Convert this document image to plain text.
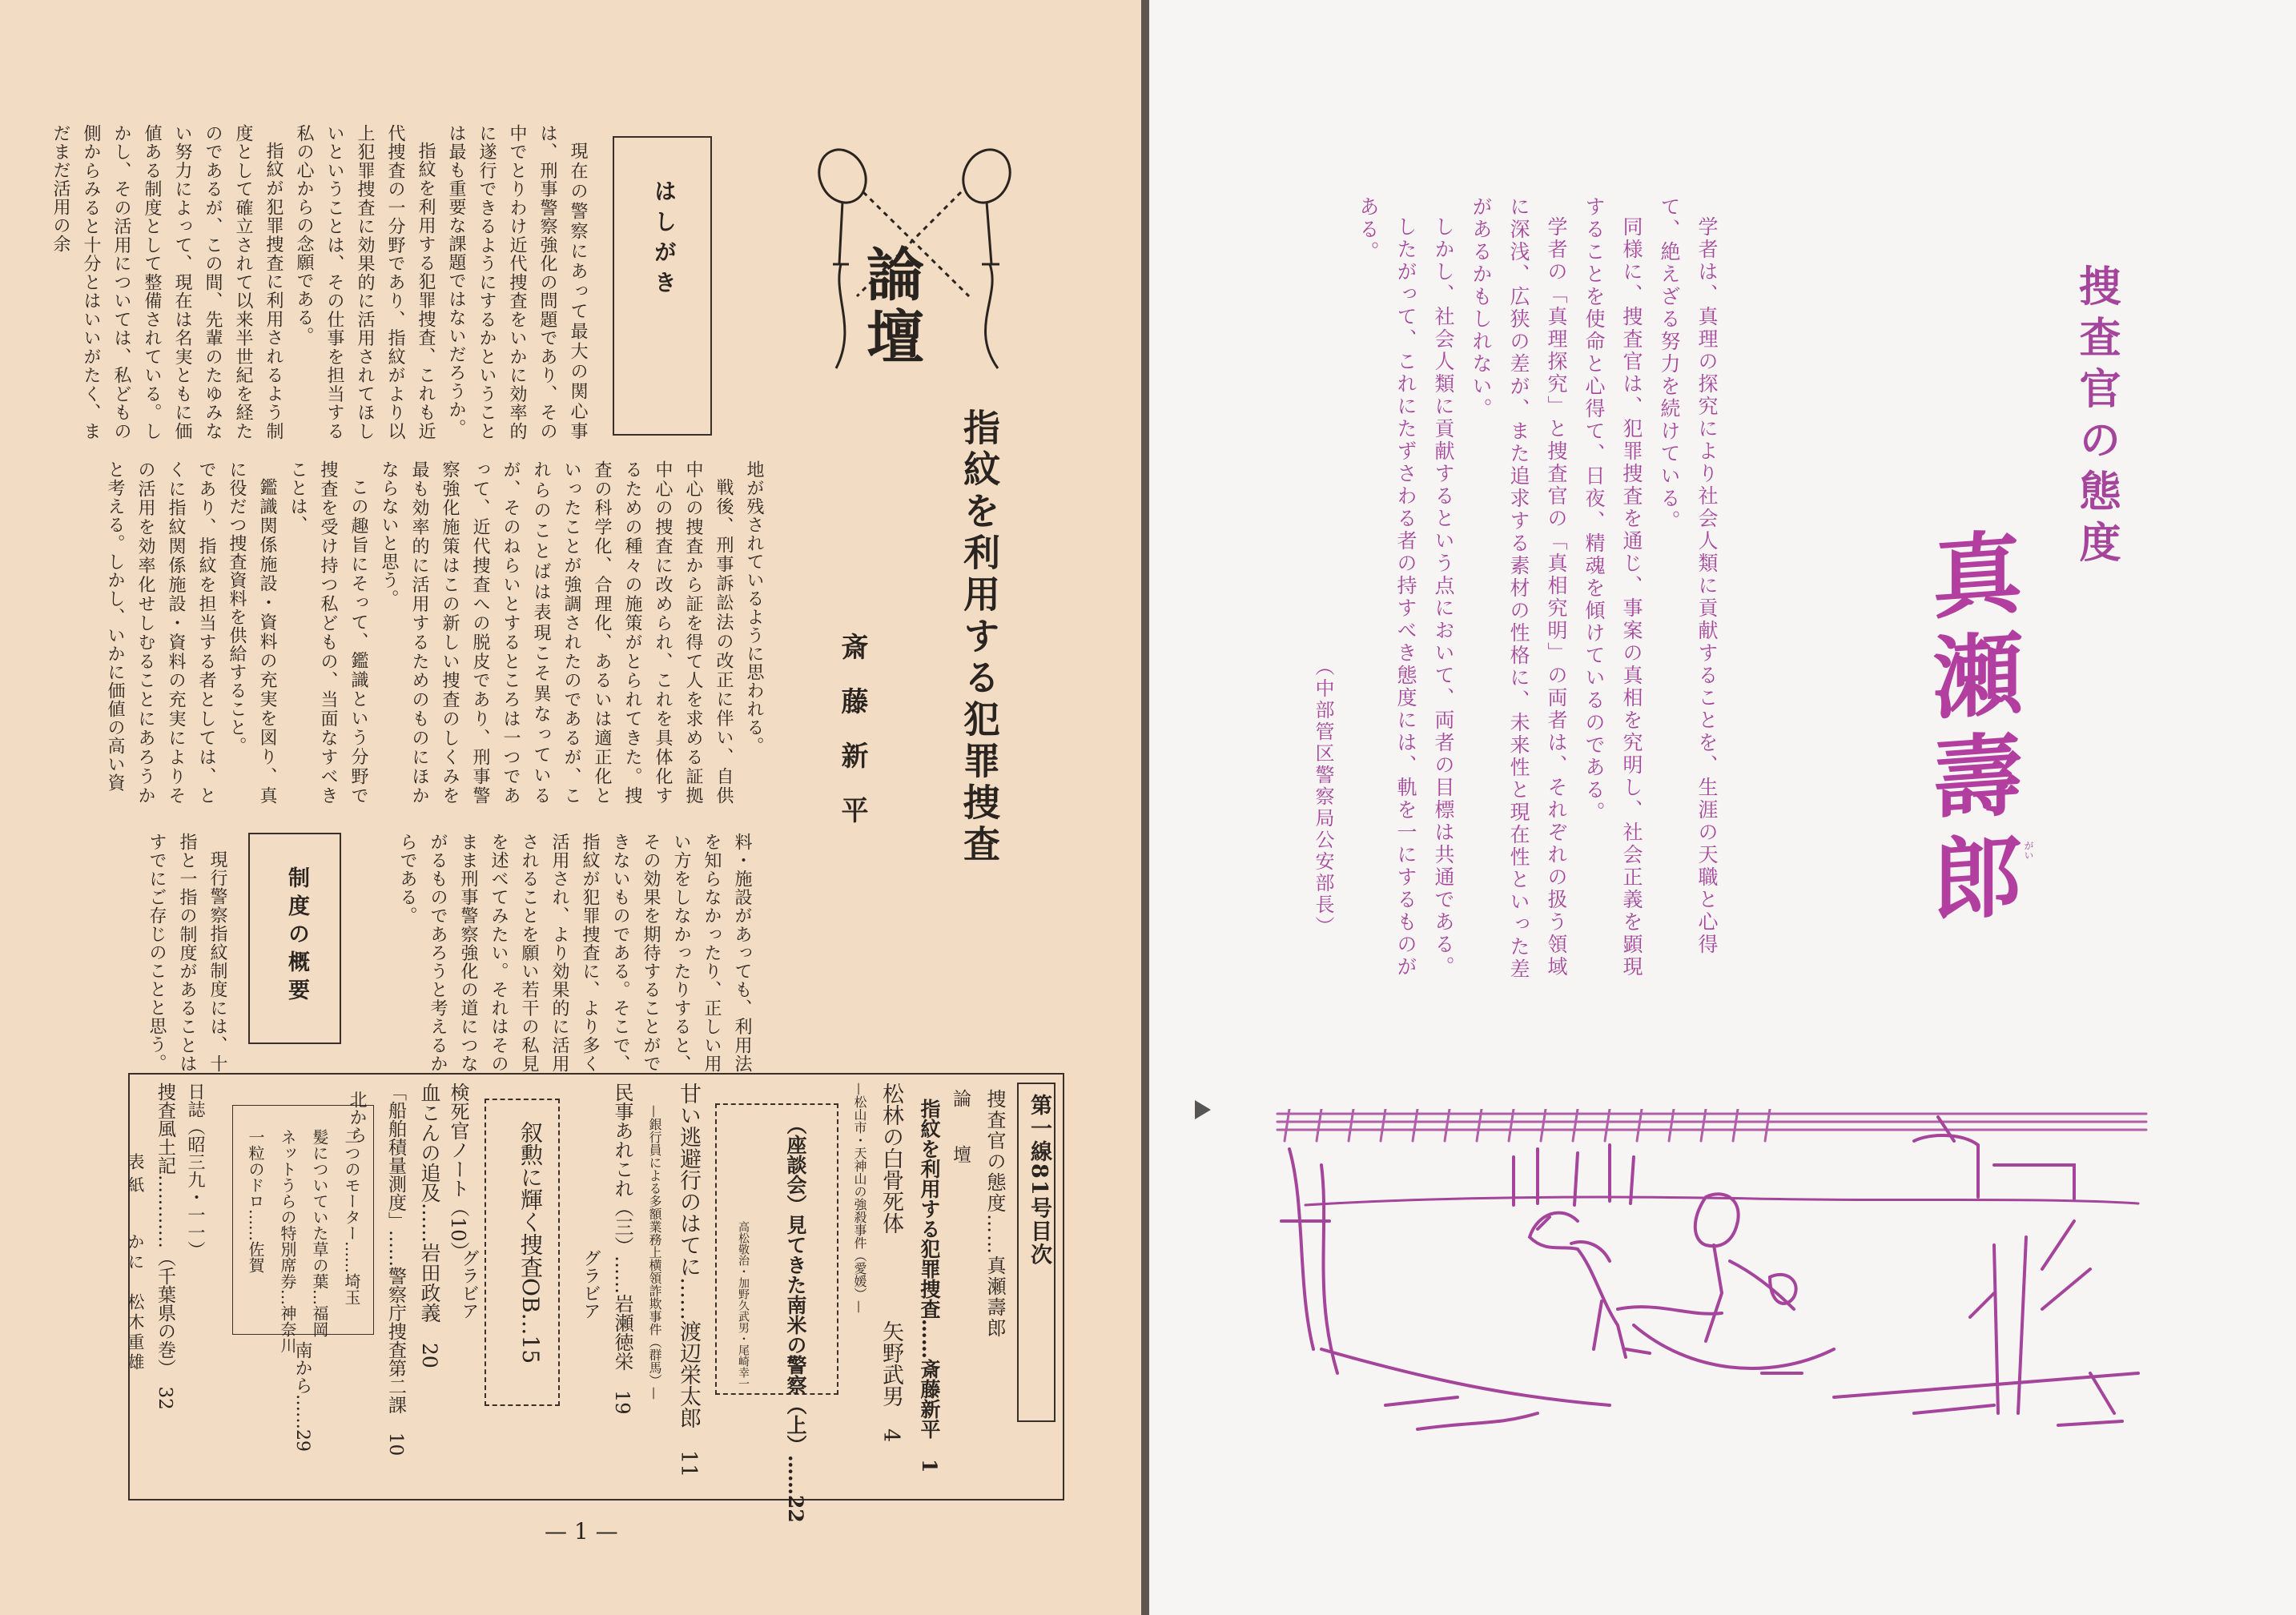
論壇
指紋を利用する犯罪捜査
斎　藤　新　平
はしがき

現在の警察にあって最大の関心事は、刑事警察強化の問題であり、その中でとりわけ近代捜査をいかに効率的に遂行できるようにするかということは最も重要な課題ではないだろうか。

指紋を利用する犯罪捜査、これも近代捜査の一分野であり、指紋がより以上犯罪捜査に効果的に活用されてほしいということは、その仕事を担当する私の心からの念願である。

指紋が犯罪捜査に利用されるよう制度として確立されて以来半世紀を経たのであるが、この間、先輩のたゆみない努力によって、現在は名実ともに価値ある制度として整備されている。しかし、その活用については、私どもの側からみると十分とはいいがたく、まだまだ活用の余

地が残されているように思われる。

戦後、刑事訴訟法の改正に伴い、自供中心の捜査から証を得て人を求める証拠中心の捜査に改められ、これを具体化するための種々の施策がとられてきた。捜査の科学化、合理化、あるいは適正化といったことが強調されたのであるが、これらのことばは表現こそ異なっているが、そのねらいとするところは一つであって、近代捜査への脱皮であり、刑事警察強化施策はこの新しい捜査のしくみを最も効率的に活用するためのものにほかならないと思う。

この趣旨にそって、鑑識という分野で捜査を受け持つ私どもの、当面なすべきことは、

鑑識関係施設・資料の充実を図り、真に役だつ捜査資料を供給すること。

であり、指紋を担当する者としては、とくに指紋関係施設・資料の充実によりその活用を効率化せしむることにあろうかと考える。しかし、いかに価値の高い資

料・施設があっても、利用法を知らなかったり、正しい用い方をしなかったりすると、その効果を期待することができないものである。そこで、指紋が犯罪捜査に、より多く活用され、より効果的に活用されることを願い若干の私見を述べてみたい。それはそのまま刑事警察強化の道につながるものであろうと考えるからである。

制度の概要

現行警察指紋制度には、十指と一指の制度があることはすでにご存じのことと思う。

第一線81号目次
捜査官の態度……真瀬壽郎
論　壇
指紋を利用する犯罪捜査……斎藤新平　1
松林の白骨死体　　　　矢野武男　4
—松山市・天神山の強殺事件（愛媛）—
（座談会）見てきた南米の警察（上）……22
高松敬治・加野久武男・尾崎幸一
甘い逃避行のはてに……渡辺栄太郎　11
—銀行員による多額業務上横領詐欺事件（群馬）—
民事あれこれ（三）……岩瀬徳栄　19
グラビア
叙勲に輝く捜査OB…15
グラビア
検死官ノート（10）
血こんの追及……岩田政義　20
「船舶積量測度」……警察庁捜査第二課　10
北から
二つのモーター……埼玉
髪についていた草の葉…福岡
ネットうらの特別席券…神奈川
一粒のドロ……佐賀
南から……29
日誌（昭三九・一一）
捜査風土記…………（千葉県の巻）　32
表紙
かに　松木重雄
— 1 —
捜査官の態度
真瀬壽郎

学者は、真理の探究により社会人類に貢献することを、生涯の天職と心得て、絶えざる努力を続けている。

同様に、捜査官は、犯罪捜査を通じ、事案の真相を究明し、社会正義を顕現することを使命と心得て、日夜、精魂を傾けているのである。

学者の「真理探究」と捜査官の「真相究明」の両者は、それぞれの扱う領域に深浅、広狭の差が、また追求する素材の性格に、未来性と現在性といった差があるかもしれない。

しかし、社会人類に貢献するという点において、両者の目標は共通である。

したがって、これにたずさわる者の持すべき態度には、軌を一にするものがある。

がい
（中部管区警察局公安部長）
